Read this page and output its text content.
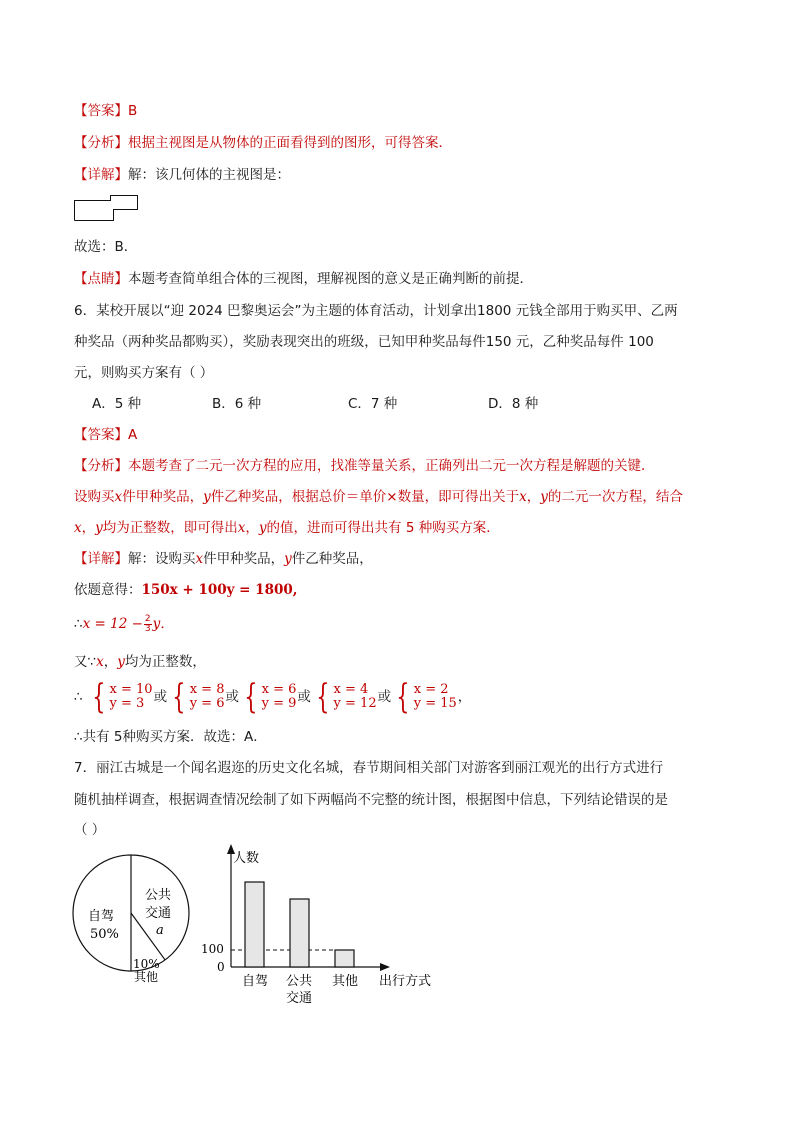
【答案】B
【分析】根据主视图是从物体的正面看得到的图形，可得答案．
【详解】解：该几何体的主视图是：
故选：B．
【点睛】本题考查简单组合体的三视图，理解视图的意义是正确判断的前提．
6．某校开展以“迎 2024 巴黎奥运会”为主题的体育活动，计划拿出1800 元钱全部用于购买甲、乙两
种奖品（两种奖品都购买），奖励表现突出的班级，已知甲种奖品每件150 元，乙种奖品每件 100
元，则购买方案有（ ）
A．5 种	B．6 种	C．7 种	D．8 种
【答案】A
【分析】本题考查了二元一次方程的应用，找准等量关系，正确列出二元一次方程是解题的关键．
设购买x件甲种奖品，y件乙种奖品，根据总价＝单价×数量，即可得出关于x，y的二元一次方程，结合
x，y均为正整数，即可得出x，y的值，进而可得出共有 5 种购买方案．
【详解】解：设购买x件甲种奖品，y件乙种奖品，
依题意得：150x + 100y = 1800,
∴x = $12 - \frac{2}{3}$ y．
又∵x，y均为正整数，
∴ { x = 10
y = 3 或 { x = 8
y = 6或 { x = 6
y = 9或 { x = 4
y = 12或 { x = 2
y = 15，
∴共有 5种购买方案．故选：A．
7．丽江古城是一个闻名遐迩的历史文化名城，春节期间相关部门对游客到丽江观光的出行方式进行
随机抽样调查，根据调查情况绘制了如下两幅尚不完整的统计图，根据图中信息，下列结论错误的是
（ ）
自驾
50%
公共
交通
a
10%
其他
人数
出行方式
100
0
自驾 公共
交通
其他
